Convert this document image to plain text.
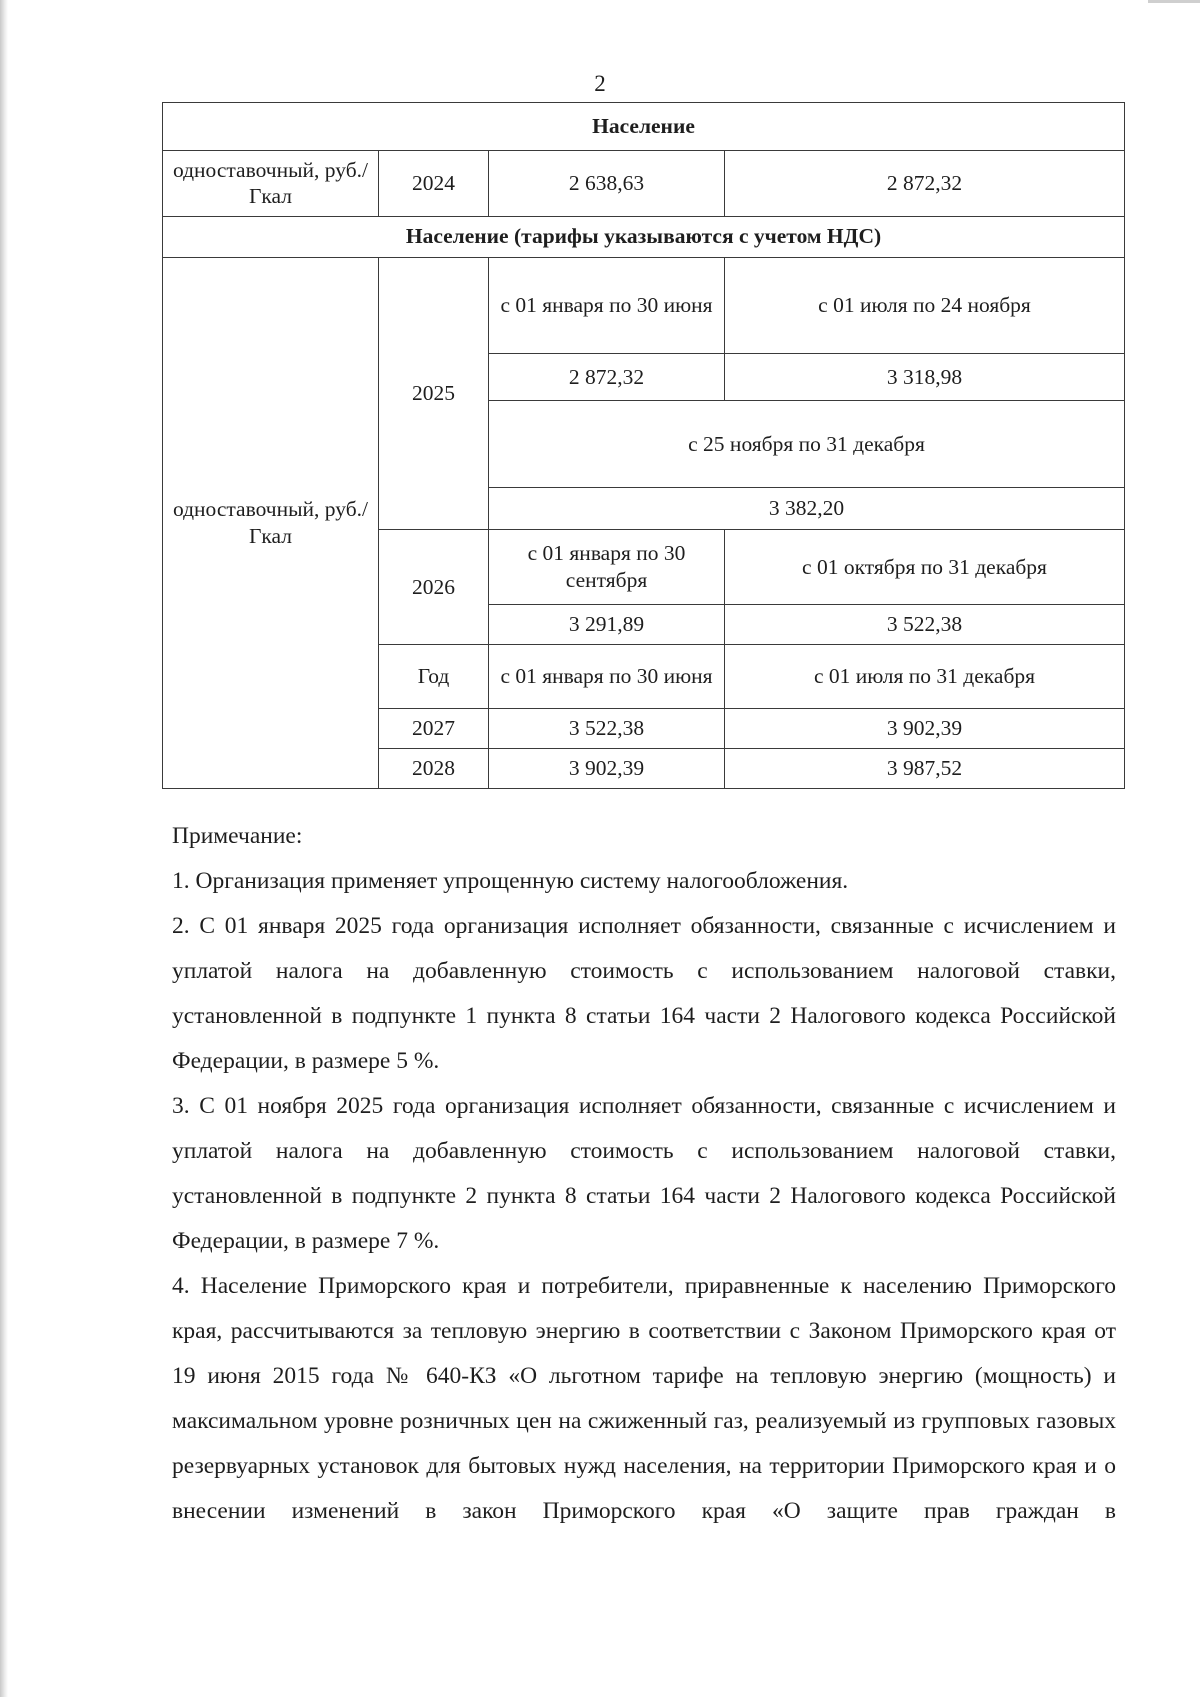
2
Население			
одноставочный, руб./Гкал	2024	2 638,63	2 872,32
Население (тарифы указываются с учетом НДС)			
одноставочный, руб./Гкал	2025	с 01 января по 30 июня	с 01 июля по 24 ноября
		2 872,32	3 318,98
		с 25 ноября по 31 декабря	
		3 382,20	
	2026	с 01 января по 30 сентября	с 01 октября по 31 декабря
		3 291,89	3 522,38
	Год	с 01 января по 30 июня	с 01 июля по 31 декабря
	2027	3 522,38	3 902,39
	2028	3 902,39	3 987,52

Примечание:

1. Организация применяет упрощенную систему налогообложения.

2. С 01 января 2025 года организация исполняет обязанности, связанные с исчислением и уплатой налога на добавленную стоимость с использованием налоговой ставки, установленной в подпункте 1 пункта 8 статьи 164 части 2 Налогового кодекса Российской Федерации, в размере 5 %.

3. С 01 ноября 2025 года организация исполняет обязанности, связанные с исчислением и уплатой налога на добавленную стоимость с использованием налоговой ставки, установленной в подпункте 2 пункта 8 статьи 164 части 2 Налогового кодекса Российской Федерации, в размере 7 %.

4. Население Приморского края и потребители, приравненные к населению Приморского края, рассчитываются за тепловую энергию в соответствии с Законом Приморского края от 19 июня 2015 года № 640-КЗ «О льготном тарифе на тепловую энергию (мощность) и максимальном уровне розничных цен на сжиженный газ, реализуемый из групповых газовых резервуарных установок для бытовых нужд населения, на территории Приморского края и о внесении изменений в закон Приморского края «О защите прав граждан в
